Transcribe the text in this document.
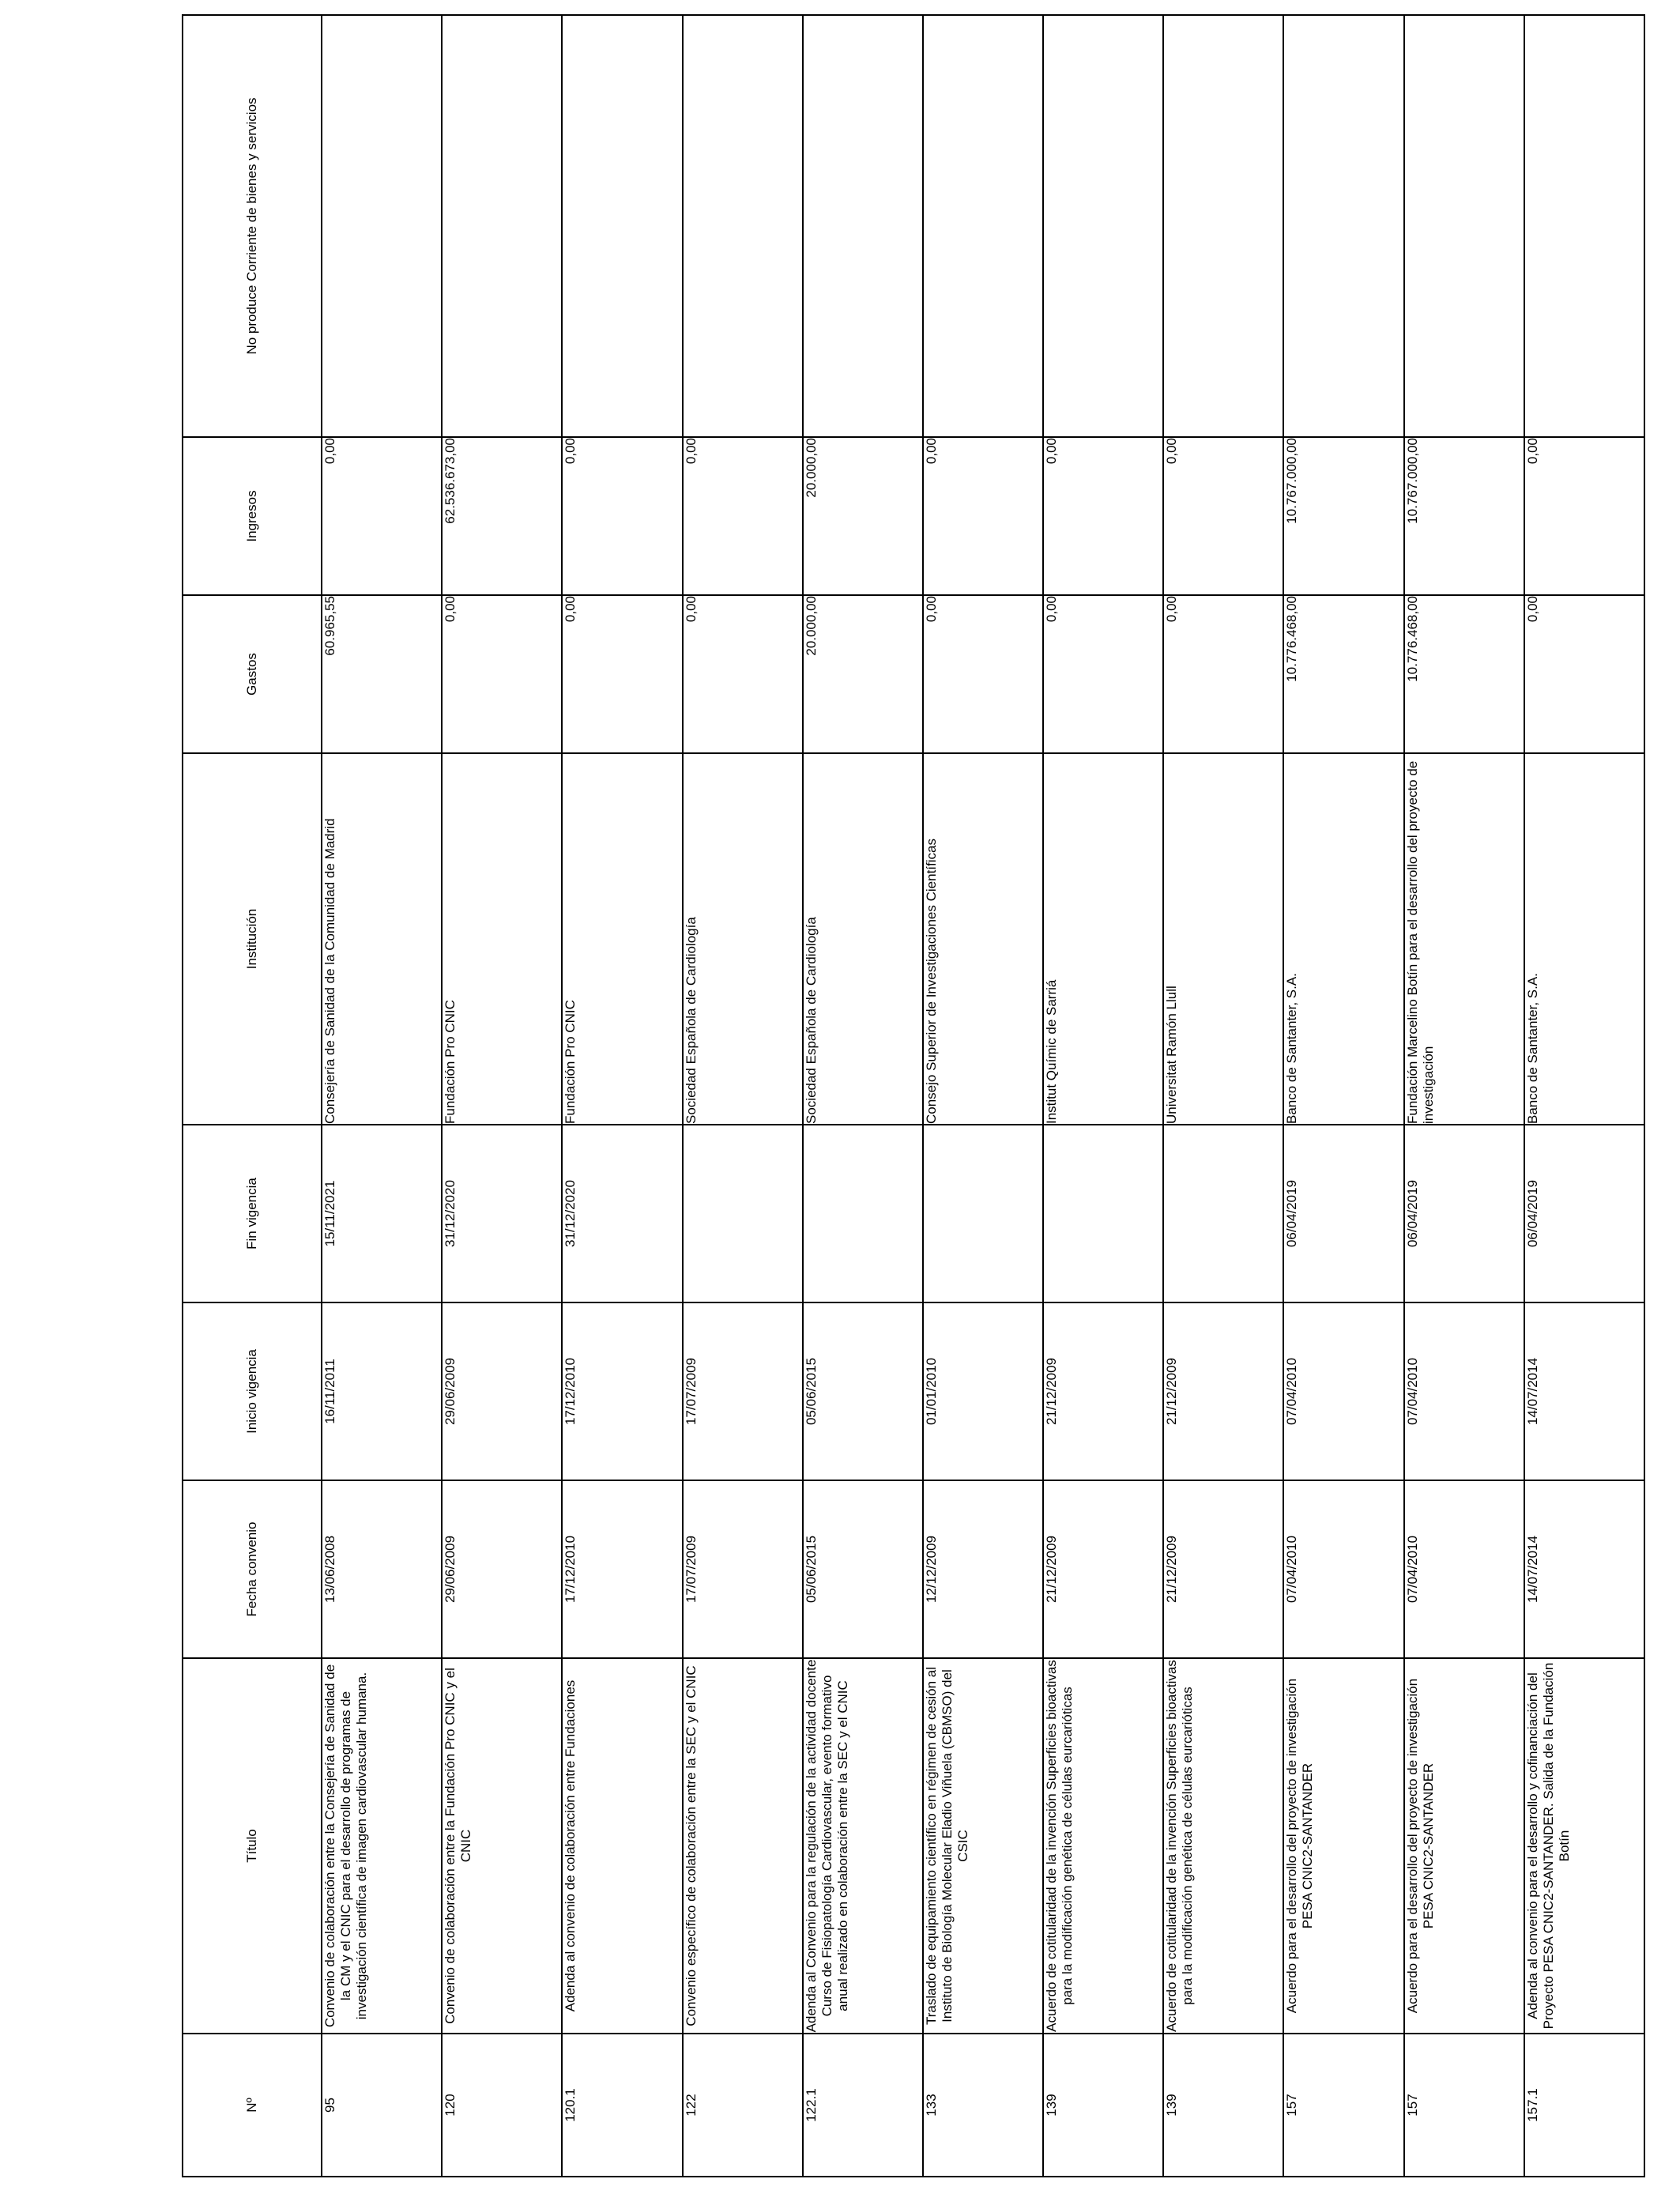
Nº	Título	Fecha convenio	Inicio vigencia	Fin vigencia	Institución	Gastos	Ingresos	No produce Corriente de bienes y servicios
95	Convenio de colaboración entre la Consejería de Sanidad de la CM y el CNIC para el desarrollo de programas de investigación científica de imagen cardiovascular humana.	13/06/2008	16/11/2011	15/11/2021	Consejería de Sanidad de la Comunidad de Madrid	60.965,55	0,00	
120	Convenio de colaboración entre la Fundación Pro CNIC y el CNIC	29/06/2009	29/06/2009	31/12/2020	Fundación Pro CNIC	0,00	62.536.673,00	
120.1	Adenda al convenio de colaboración entre Fundaciones	17/12/2010	17/12/2010	31/12/2020	Fundación Pro CNIC	0,00	0,00	
122	Convenio específico de colaboración entre la SEC y el CNIC	17/07/2009	17/07/2009		Sociedad Española de Cardiología	0,00	0,00	
122.1	Adenda al Convenio para la regulación de la actividad docente Curso de Fisiopatología Cardiovascular, evento formativo anual realizado en colaboración entre la SEC y el CNIC	05/06/2015	05/06/2015		Sociedad Española de Cardiología	20.000,00	20.000,00	
133	Traslado de equipamiento científico en régimen de cesión al Instituto de Biología Molecular Eladio Viñuela (CBMSO) del CSIC	12/12/2009	01/01/2010		Consejo Superior de Investigaciones Científicas	0,00	0,00	
139	Acuerdo de cotitularidad de la invención Superficies bioactivas para la modificación genética de células eurcarióticas	21/12/2009	21/12/2009		Institut Químic de Sarriá	0,00	0,00	
139	Acuerdo de cotitularidad de la invención Superficies bioactivas para la modificación genética de células eurcarióticas	21/12/2009	21/12/2009		Universitat Ramón Llull	0,00	0,00	
157	Acuerdo para el desarrollo del proyecto de investigación PESA CNIC2-SANTANDER	07/04/2010	07/04/2010	06/04/2019	Banco de Santanter, S.A.	10.776.468,00	10.767.000,00	
157	Acuerdo para el desarrollo del proyecto de investigación PESA CNIC2-SANTANDER	07/04/2010	07/04/2010	06/04/2019	Fundación Marcelino Botín para el desarrollo del proyecto de investigación	10.776.468,00	10.767.000,00	
157.1	Adenda al convenio para el desarrollo y cofinanciación del Proyecto PESA CNIC2-SANTANDER. Salida de la Fundación Botín	14/07/2014	14/07/2014	06/04/2019	Banco de Santanter, S.A.	0,00	0,00	
